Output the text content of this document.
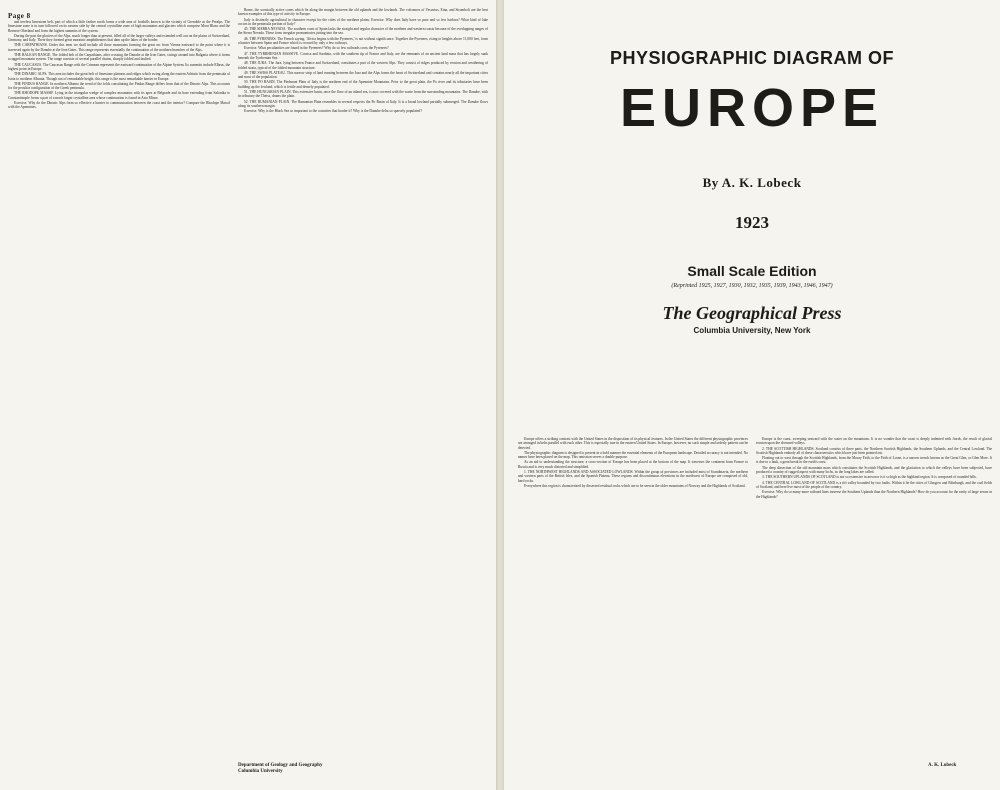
Page 8

and treeless limestone belt, part of which a little farther north forms a wide area of foothills known to the vicinity of Grenoble as the Prealps. The limestone zone is in turn followed on its eastern side by the central crystalline zone of high mountains and glaciers which comprise Mont Blanc and the Bernese Oberland and form the highest summits of the system.

During the past the glaciers of the Alps, much longer than at present, filled all of the larger valleys and extended well out on the plains of Switzerland, Germany, and Italy. There they formed great morainic amphitheaters that dam up the lakes of the border.

THE CARPATHIANS. Under this term we shall include all those mountains forming the great arc from Vienna eastward to the point where it is traversed again by the Danube at the Iron Gates. This range represents essentially the continuation of the northern branches of the Alps.

THE BALKAN RANGE. The folded belt of the Carpathians, after crossing the Danube at the Iron Gates, swings around into Bulgaria where it forms a rugged mountain system. The range consists of several parallel chains, sharply folded and faulted.

THE CAUCASUS. The Caucasus Range with the Crimean represents the eastward continuation of the Alpine System. Its summits include Elbrus, the highest point in Europe.

THE DINARIC ALPS. This area includes the great belt of limestone plateaus and ridges which swing along the eastern Adriatic from the peninsula of Istria to northern Albania. Though not of remarkable height, this range is the most remarkable barrier in Europe.

THE PINDUS RANGE. In northern Albania the trend of the folds constituting the Pindus Range differs from that of the Dinaric Alps. This accounts for the peculiar configuration of the Greek peninsula.

THE RHODOPE MASSIF. Lying in the triangular wedge of complex mountains with its apex at Belgrade and its base extending from Salonika to Constantinople forms a part of a much larger crystalline area whose continuation is found in Asia Minor.

Exercise. Why do the Dinaric Alps form so effective a barrier to communication between the coast and the interior? Compare the Rhodope Massif with the Apennines.

Rome, the scenically active cones which lie along the margin between the old uplands and the lowlands. The volcanoes of Vesuvius, Etna, and Stromboli are the best known examples of this type of activity in Europe.

Italy is distinctly agricultural in character except for the cities of the northern plains. Exercise. Why does Italy have so poor and so few harbors? What kind of lake occurs in the peninsula portion of Italy?

45. THE SIERRA NEVADA. The southern coast of Spain lacks the straight and regular character of the northern and western coasts because of the overlapping ranges of the Sierra Nevada. These form irregular promontories jutting into the sea.

46. THE PYRENEES. The French saying, 'Africa begins with the Pyrenees,' is not without significance. Together the Pyrenees, rising to heights above 11,000 feet, form a barrier between Spain and France which is crossed by only a few railways.

Exercise. What peculiarities are found in the Pyrenees? Why do so few railroads cross the Pyrenees?

47. THE TYRRHENIAN MASSIVE. Corsica and Sardinia, with the southern tip of France and Italy, are the remnants of an ancient land mass that has largely sunk beneath the Tyrrhenian Sea.

48. THE JURA. The Jura, lying between France and Switzerland, constitutes a part of the western Alps. They consist of ridges produced by erosion and weathering of folded strata, typical of the folded mountain structure.

49. THE SWISS PLATEAU. This narrow strip of land running between the Jura and the Alps forms the heart of Switzerland and contains nearly all the important cities and most of the population.

50. THE PO BASIN. The Piedmont Plain of Italy is the northern end of the Apennine Mountains. Prior to the great plain, the Po river and its tributaries have been building up the lowland, which is fertile and densely populated.

51. THE HUNGARIAN PLAIN. This extensive basin, once the floor of an inland sea, is now covered with the waste from the surrounding mountains. The Danube, with its tributary the Theiss, drains the plain.

52. THE RUMANIAN PLAIN. The Rumanian Plain resembles in several respects the Po Basin of Italy. It is a broad lowland partially submerged. The Danube flows along its southern margin.

Exercise. Why is the Black Sea so important to the countries that border it? Why is the Danube delta so sparsely populated?

Department of Geology and Geography
Columbia University
PHYSIOGRAPHIC DIAGRAM OF
EUROPE
By A. K. Lobeck
1923
Small Scale Edition
(Reprinted 1925, 1927, 1930, 1932, 1935, 1939, 1943, 1946, 1947)
The Geographical Press
Columbia University, New York

Europe offers a striking contrast with the United States in the disposition of its physical features. In the United States the different physiographic provinces are arranged in belts parallel with each other. This is especially true in the eastern United States. In Europe, however, no such simple and orderly pattern can be detected.

The physiographic diagram is designed to present in a bold manner the essential elements of the European landscape. Detailed accuracy is not intended. No names have been placed on the map. This omission serves a double purpose.

As an aid to understanding the structure, a cross-section of Europe has been placed at the bottom of the map. It traverses the continent from France to Russia and is very much distorted and simplified.

1. THE NORTHWEST HIGHLANDS AND ASSOCIATED LOWLANDS. Within the group of provinces are included most of Scandinavia, the northern and western parts of the British Isles, and the Spanish Plateau. These regions and discontinuous elevations in the northwest of Europe are composed of old, hard rocks.

Everywhere this region is characterized by dissected residual rocks which are to be seen in the older mountains of Norway and the Highlands of Scotland.

Europe is the coast, sweeping seaward with the water on the mountains. It is no wonder that the coast is deeply indented with fiords, the result of glacial erosion upon the drowned valleys.

2. THE SCOTTISH HIGHLANDS. Scotland consists of three parts, the Northern Scottish Highlands, the Southern Uplands, and the Central Lowland. The Scottish Highlands embody all of these characteristics which have just been pointed out.

Floating out to west through the Scottish Highlands, from the Moray Firth, to the Firth of Lorne, is a narrow trench known as the Great Glen, or Glen More. It is due to a fault, a great break in the earth's crust.

The deep dissection of the old mountain mass which constitutes the Scottish Highlands, and the glaciation to which the valleys have been subjected, have produced a country of rugged aspect with many lochs, as the long lakes are called.

3. THE SOUTHERN UPLANDS OF SCOTLAND is not so extensive in area nor is it so high as the highland region. It is composed of rounded hills.

4. THE CENTRAL LOWLAND OF SCOTLAND is a rift valley bounded by two faults. Within it lie the cities of Glasgow and Edinburgh, and the coal fields of Scotland, and here live most of the people of the country.

Exercise. Why do so many more railroad lines traverse the Southern Uplands than the Northern Highlands? How do you account for the rarity of large towns in the Highlands?

A. K. Lobeck
